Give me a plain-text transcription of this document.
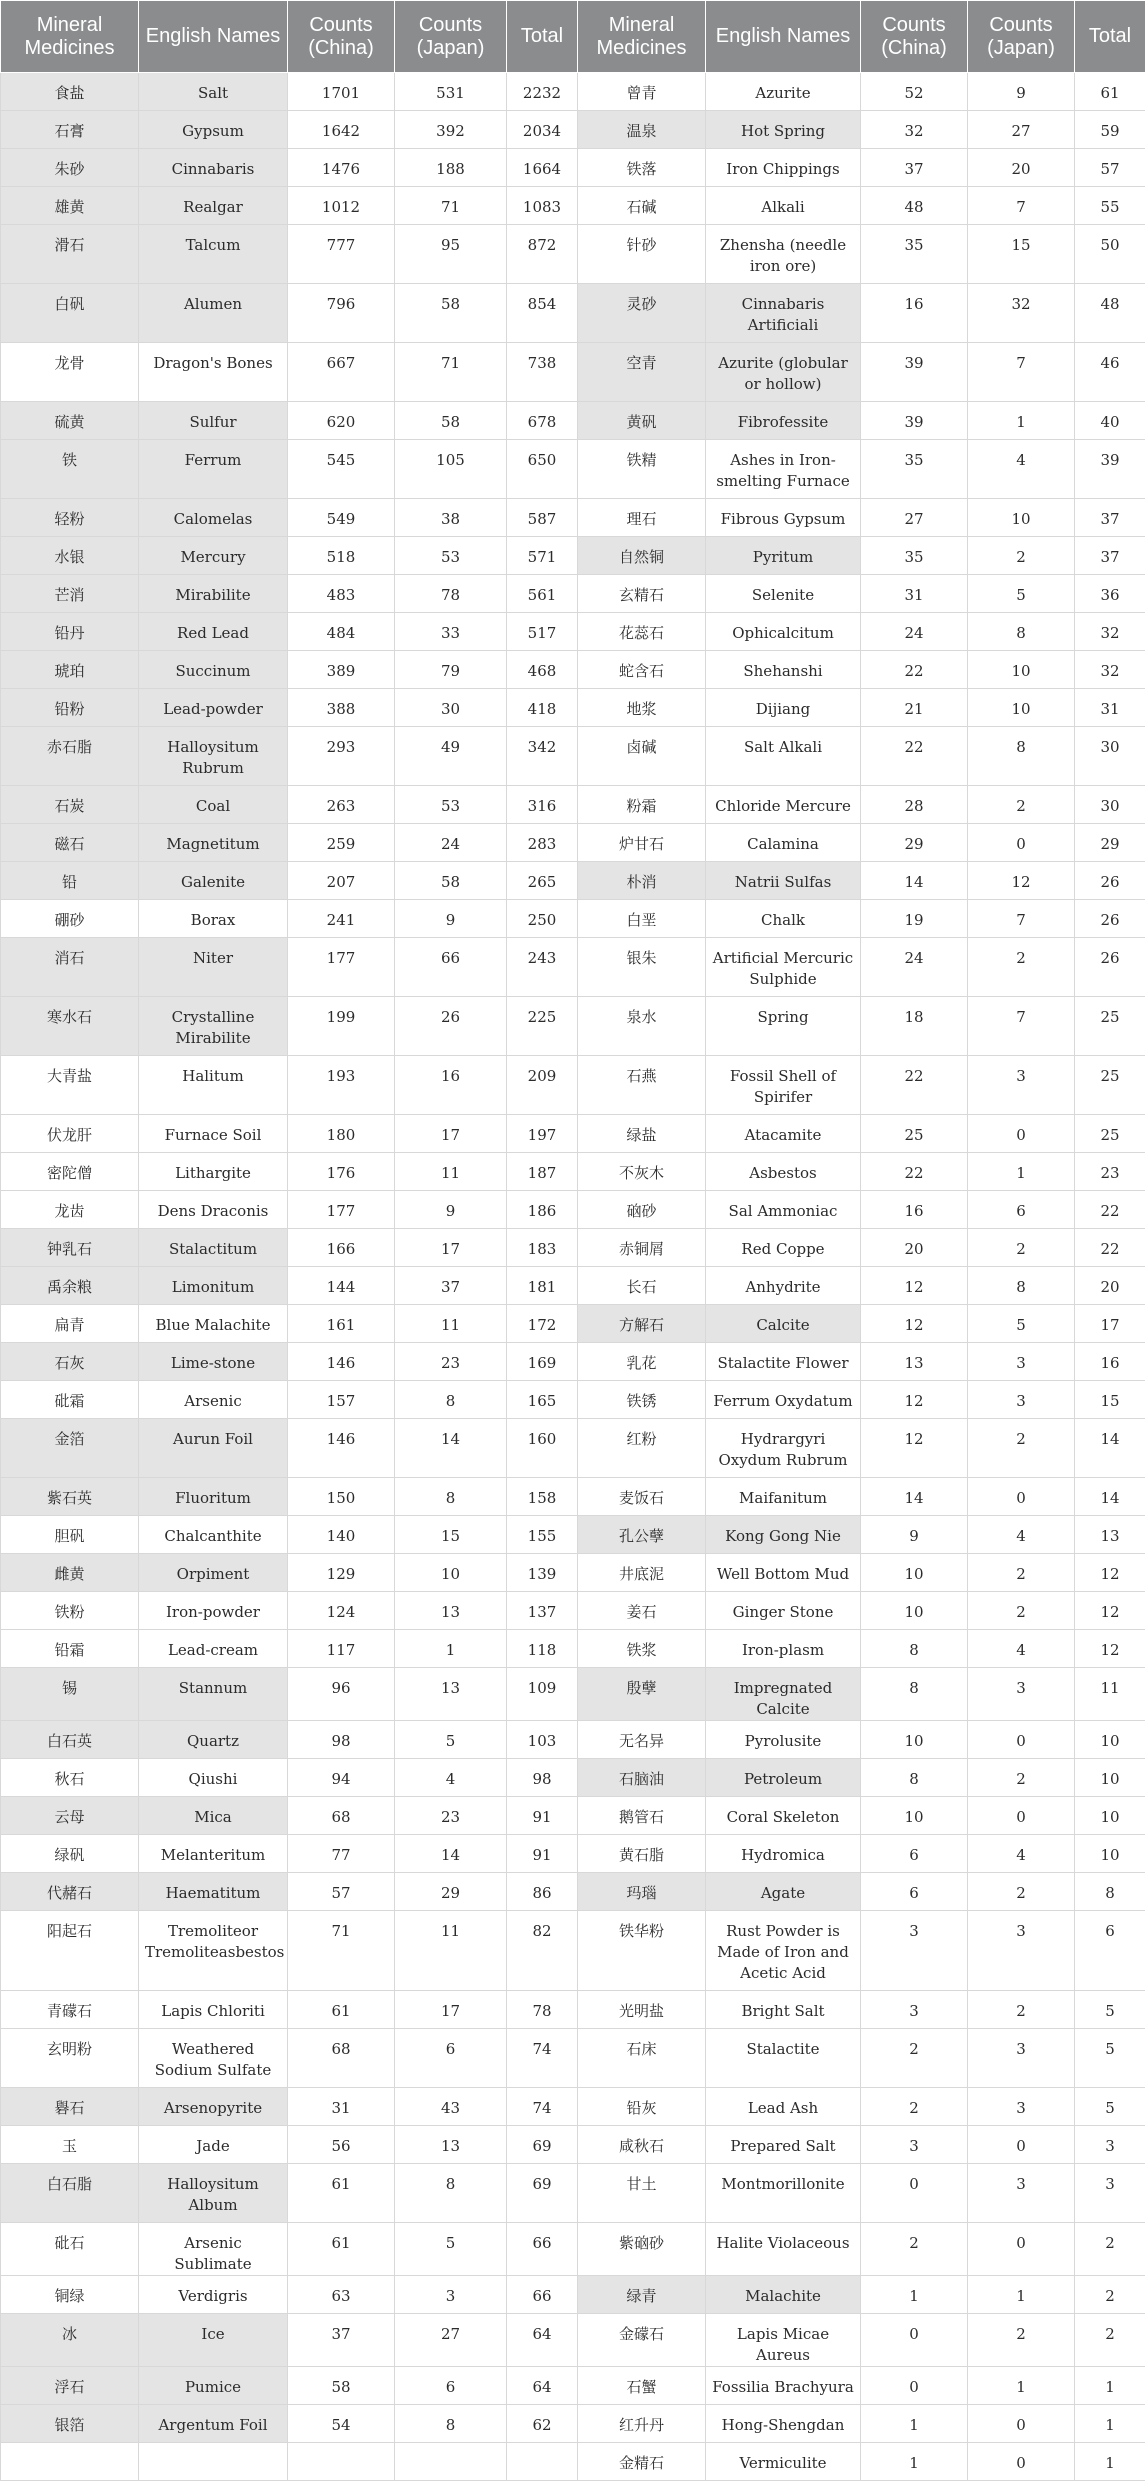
Mineral Medicines	English Names	Counts (China)	Counts (Japan)	Total	Mineral Medicines	English Names	Counts (China)	Counts (Japan)	Total
食盐	Salt	1701	531	2232	曾青	Azurite	52	9	61
石膏	Gypsum	1642	392	2034	温泉	Hot Spring	32	27	59
朱砂	Cinnabaris	1476	188	1664	铁落	Iron Chippings	37	20	57
雄黄	Realgar	1012	71	1083	石碱	Alkali	48	7	55
滑石	Talcum	777	95	872	针砂	Zhensha (needle iron ore)	35	15	50
白矾	Alumen	796	58	854	灵砂	Cinnabaris Artificiali	16	32	48
龙骨	Dragon's Bones	667	71	738	空青	Azurite (globular or hollow)	39	7	46
硫黄	Sulfur	620	58	678	黄矾	Fibrofessite	39	1	40
铁	Ferrum	545	105	650	铁精	Ashes in Iron-smelting Furnace	35	4	39
轻粉	Calomelas	549	38	587	理石	Fibrous Gypsum	27	10	37
水银	Mercury	518	53	571	自然铜	Pyritum	35	2	37
芒消	Mirabilite	483	78	561	玄精石	Selenite	31	5	36
铅丹	Red Lead	484	33	517	花蕊石	Ophicalcitum	24	8	32
琥珀	Succinum	389	79	468	蛇含石	Shehanshi	22	10	32
铅粉	Lead-powder	388	30	418	地浆	Dijiang	21	10	31
赤石脂	Halloysitum Rubrum	293	49	342	卤碱	Salt Alkali	22	8	30
石炭	Coal	263	53	316	粉霜	Chloride Mercure	28	2	30
磁石	Magnetitum	259	24	283	炉甘石	Calamina	29	0	29
铅	Galenite	207	58	265	朴消	Natrii Sulfas	14	12	26
硼砂	Borax	241	9	250	白垩	Chalk	19	7	26
消石	Niter	177	66	243	银朱	Artificial Mercuric Sulphide	24	2	26
寒水石	Crystalline Mirabilite	199	26	225	泉水	Spring	18	7	25
大青盐	Halitum	193	16	209	石燕	Fossil Shell of Spirifer	22	3	25
伏龙肝	Furnace Soil	180	17	197	绿盐	Atacamite	25	0	25
密陀僧	Lithargite	176	11	187	不灰木	Asbestos	22	1	23
龙齿	Dens Draconis	177	9	186	硇砂	Sal Ammoniac	16	6	22
钟乳石	Stalactitum	166	17	183	赤铜屑	Red Coppe	20	2	22
禹余粮	Limonitum	144	37	181	长石	Anhydrite	12	8	20
扁青	Blue Malachite	161	11	172	方解石	Calcite	12	5	17
石灰	Lime-stone	146	23	169	乳花	Stalactite Flower	13	3	16
砒霜	Arsenic	157	8	165	铁锈	Ferrum Oxydatum	12	3	15
金箔	Aurun Foil	146	14	160	红粉	Hydrargyri Oxydum Rubrum	12	2	14
紫石英	Fluoritum	150	8	158	麦饭石	Maifanitum	14	0	14
胆矾	Chalcanthite	140	15	155	孔公孽	Kong Gong Nie	9	4	13
雌黄	Orpiment	129	10	139	井底泥	Well Bottom Mud	10	2	12
铁粉	Iron-powder	124	13	137	姜石	Ginger Stone	10	2	12
铅霜	Lead-cream	117	1	118	铁浆	Iron-plasm	8	4	12
锡	Stannum	96	13	109	殷孽	Impregnated Calcite	8	3	11
白石英	Quartz	98	5	103	无名异	Pyrolusite	10	0	10
秋石	Qiushi	94	4	98	石脑油	Petroleum	8	2	10
云母	Mica	68	23	91	鹅管石	Coral Skeleton	10	0	10
绿矾	Melanteritum	77	14	91	黄石脂	Hydromica	6	4	10
代赭石	Haematitum	57	29	86	玛瑙	Agate	6	2	8
阳起石	Tremoliteor Tremolitеasbestos	71	11	82	铁华粉	Rust Powder is Made of Iron and Acetic Acid	3	3	6
青礞石	Lapis Chloriti	61	17	78	光明盐	Bright Salt	3	2	5
玄明粉	Weathered Sodium Sulfate	68	6	74	石床	Stalactite	2	3	5
礜石	Arsenopyrite	31	43	74	铅灰	Lead Ash	2	3	5
玉	Jade	56	13	69	咸秋石	Prepared Salt	3	0	3
白石脂	Halloysitum Album	61	8	69	甘土	Montmorillonite	0	3	3
砒石	Arsenic Sublimate	61	5	66	紫硇砂	Halite Violaceous	2	0	2
铜绿	Verdigris	63	3	66	绿青	Malachite	1	1	2
冰	Ice	37	27	64	金礞石	Lapis Micae Aureus	0	2	2
浮石	Pumice	58	6	64	石蟹	Fossilia Brachyura	0	1	1
银箔	Argentum Foil	54	8	62	红升丹	Hong-Shengdan	1	0	1
					金精石	Vermiculite	1	0	1
